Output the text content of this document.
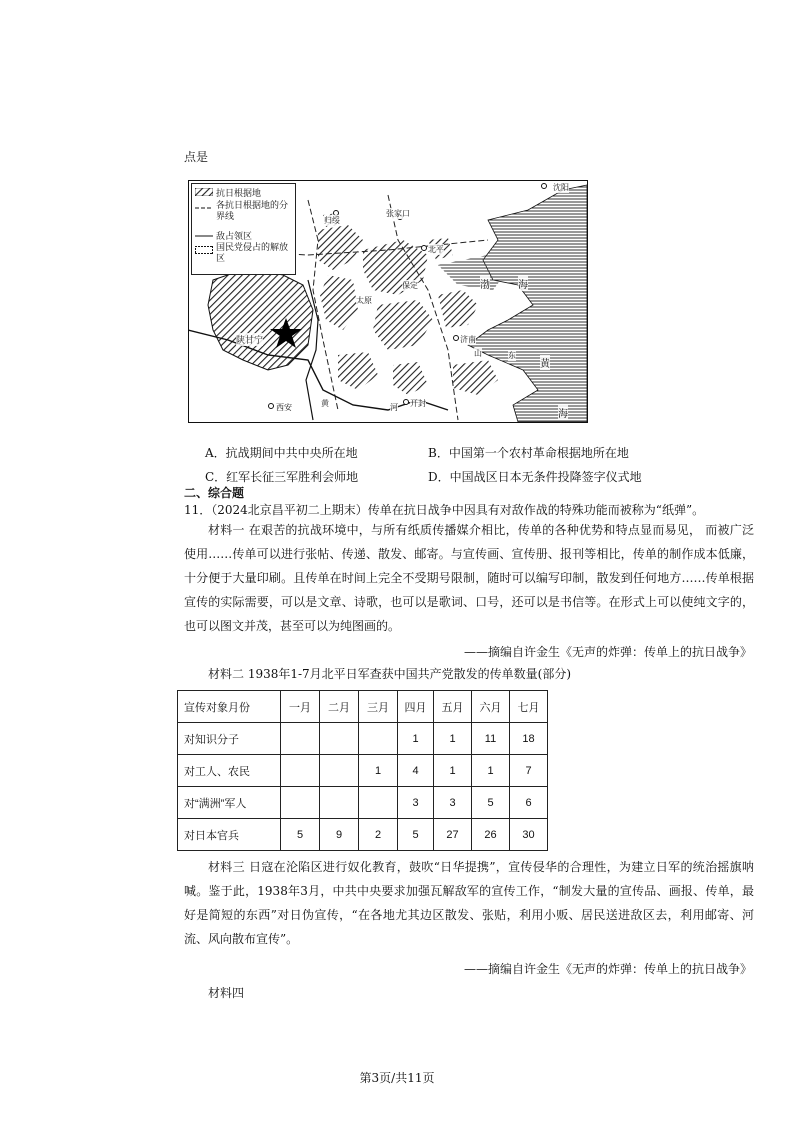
点是
沈阳
归绥
张家口
北平
保定
太原
陕甘宁	济南
开封
西安
渤	海
黄
海
山	东
河
黄
抗日根据地
各抗日根据地的分界线
敌占领区
国民党侵占的解放区
A．抗战期间中共中央所在地	B．中国第一个农村革命根据地所在地
C．红军长征三军胜利会师地	D．中国战区日本无条件投降签字仪式地
二、综合题
11．（2024北京昌平初二上期末）传单在抗日战争中因具有对敌作战的特殊功能而被称为“纸弹”。
材料一 在艰苦的抗战环境中，与所有纸质传播媒介相比，传单的各种优势和特点显而易见， 而被广泛使用……传单可以进行张帖、传递、散发、邮寄。与宣传画、宣传册、报刊等相比，传单的制作成本低廉，十分便于大量印刷。且传单在时间上完全不受期号限制，随时可以编写印制，散发到任何地方……传单根据宣传的实际需要，可以是文章、诗歌，也可以是歌词、口号，还可以是书信等。在形式上可以使纯文字的，也可以图文并茂，甚至可以为纯图画的。
——摘编自许金生《无声的炸弹：传单上的抗日战争》
材料二 1938年1-7月北平日军查获中国共产党散发的传单数量(部分)
宣传对象月份	一月	二月	三月	四月	五月	六月	七月
对知识分子				1	1	11	18
对工人、农民			1	4	1	1	7
对“满洲”军人				3	3	5	6
对日本官兵	5	9	2	5	27	26	30
材料三 日寇在沦陷区进行奴化教育，鼓吹“日华提携”，宣传侵华的合理性，为建立日军的统治摇旗呐喊。鉴于此，1938年3月，中共中央要求加强瓦解敌军的宣传工作，“制发大量的宣传品、画报、传单，最好是简短的东西”对日伪宣传，“在各地尤其边区散发、张贴，利用小贩、居民送进敌区去，利用邮寄、河流、风向散布宣传”。
——摘编自许金生《无声的炸弹：传单上的抗日战争》
材料四
第3页/共11页
